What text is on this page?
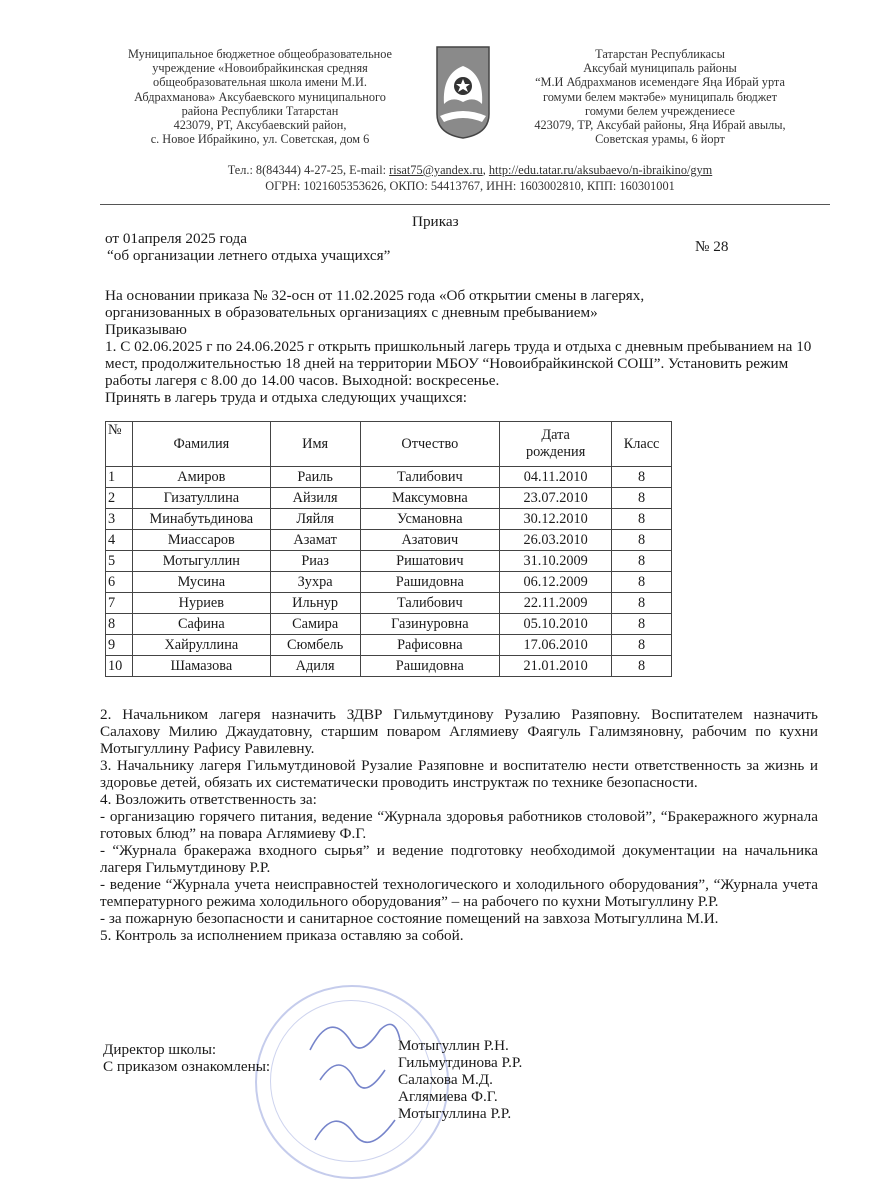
Муниципальное бюджетное общеобразовательное
учреждение «Новоибрайкинская средняя
общеобразовательная школа имени М.И.
Абдрахманова» Аксубаевского муниципального
района Республики Татарстан
423079, РТ, Аксубаевский район,
с. Новое Ибрайкино, ул. Советская, дом 6
Татарстан Республикасы
Аксубай муниципаль районы
“М.И Абдрахманов исемендәге Яңа Ибрай урта
гомуми белем мәктәбе» муниципаль бюджет
гомуми белем учреждениесе
423079, ТР, Аксубай районы, Яңа Ибрай авылы,
Советская урамы, 6 йорт
Тел.: 8(84344) 4-27-25, E-mail: risat75@yandex.ru, http://edu.tatar.ru/aksubaevo/n-ibraikino/gym
ОГРН: 1021605353626, ОКПО: 54413767, ИНН: 1603002810, КПП: 160301001
Приказ
от 01апреля 2025 года	№ 28
“об организации летнего отдыха учащихся”
На основании приказа № 32-осн от 11.02.2025 года «Об открытии смены в лагерях, организованных в образовательных организациях с дневным пребыванием»
Приказываю
1. С 02.06.2025 г по 24.06.2025 г открыть пришкольный лагерь труда и отдыха с дневным пребыванием на 10 мест, продолжительностью 18 дней на территории МБОУ “Новоибрайкинской СОШ”. Установить режим работы лагеря с 8.00 до 14.00 часов. Выходной: воскресенье.
Принять в лагерь труда и отдыха следующих учащихся:
№	Фамилия	Имя	Отчество	Дата рождения	Класс
1	Амиров	Раиль	Талибович	04.11.2010	8
2	Гизатуллина	Айзиля	Максумовна	23.07.2010	8
3	Минабутьдинова	Ляйля	Усмановна	30.12.2010	8
4	Миассаров	Азамат	Азатович	26.03.2010	8
5	Мотыгуллин	Риаз	Ришатович	31.10.2009	8
6	Мусина	Зухра	Рашидовна	06.12.2009	8
7	Нуриев	Ильнур	Талибович	22.11.2009	8
8	Сафина	Самира	Газинуровна	05.10.2010	8
9	Хайруллина	Сюмбель	Рафисовна	17.06.2010	8
10	Шамазова	Адиля	Рашидовна	21.01.2010	8
2. Начальником лагеря назначить ЗДВР Гильмутдинову Рузалию Разяповну. Воспитателем назначить Салахову Милию Джаудатовну, старшим поваром Аглямиеву Фаягуль Галимзяновну, рабочим по кухни Мотыгуллину Рафису Равилевну.
3. Начальнику лагеря Гильмутдиновой Рузалие Разяповне и воспитателю нести ответственность за жизнь и здоровье детей, обязать их систематически проводить инструктаж по технике безопасности.
4. Возложить ответственность за:
- организацию горячего питания, ведение “Журнала здоровья работников столовой”, “Бракеражного журнала готовых блюд” на повара Аглямиеву Ф.Г.
- “Журнала бракеража входного сырья” и ведение подготовку необходимой документации на начальника лагеря Гильмутдинову Р.Р.
- ведение “Журнала учета неисправностей технологического и холодильного оборудования”, “Журнала учета температурного режима холодильного оборудования” – на рабочего по кухни Мотыгуллину Р.Р.
- за пожарную безопасности и санитарное состояние помещений на завхоза Мотыгуллина М.И.
5. Контроль за исполнением приказа оставляю за собой.
Директор школы:
С приказом ознакомлены:
Мотыгуллин Р.Н.
Гильмутдинова Р.Р.
Салахова М.Д.
Аглямиева Ф.Г.
Мотыгуллина Р.Р.
